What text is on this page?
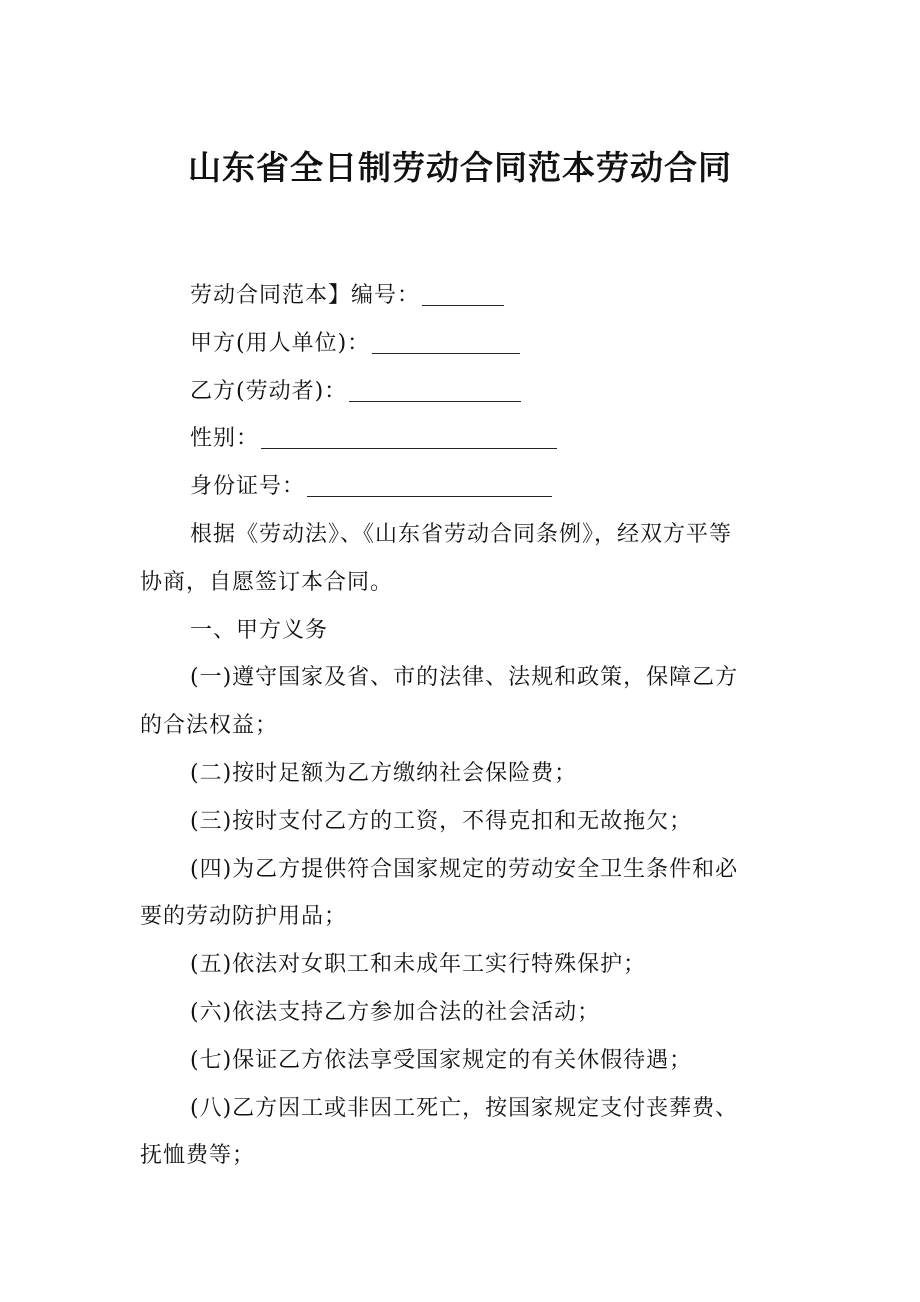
山东省全日制劳动合同范本劳动合同

劳动合同范本】编号：

甲方(用人单位)：

乙方(劳动者)：

性别：

身份证号：

根据《劳动法》、《山东省劳动合同条例》，经双方平等

协商，自愿签订本合同。

一、甲方义务

(一)遵守国家及省、市的法律、法规和政策，保障乙方

的合法权益；

(二)按时足额为乙方缴纳社会保险费；

(三)按时支付乙方的工资，不得克扣和无故拖欠；

(四)为乙方提供符合国家规定的劳动安全卫生条件和必

要的劳动防护用品；

(五)依法对女职工和未成年工实行特殊保护；

(六)依法支持乙方参加合法的社会活动；

(七)保证乙方依法享受国家规定的有关休假待遇；

(八)乙方因工或非因工死亡，按国家规定支付丧葬费、

抚恤费等；
